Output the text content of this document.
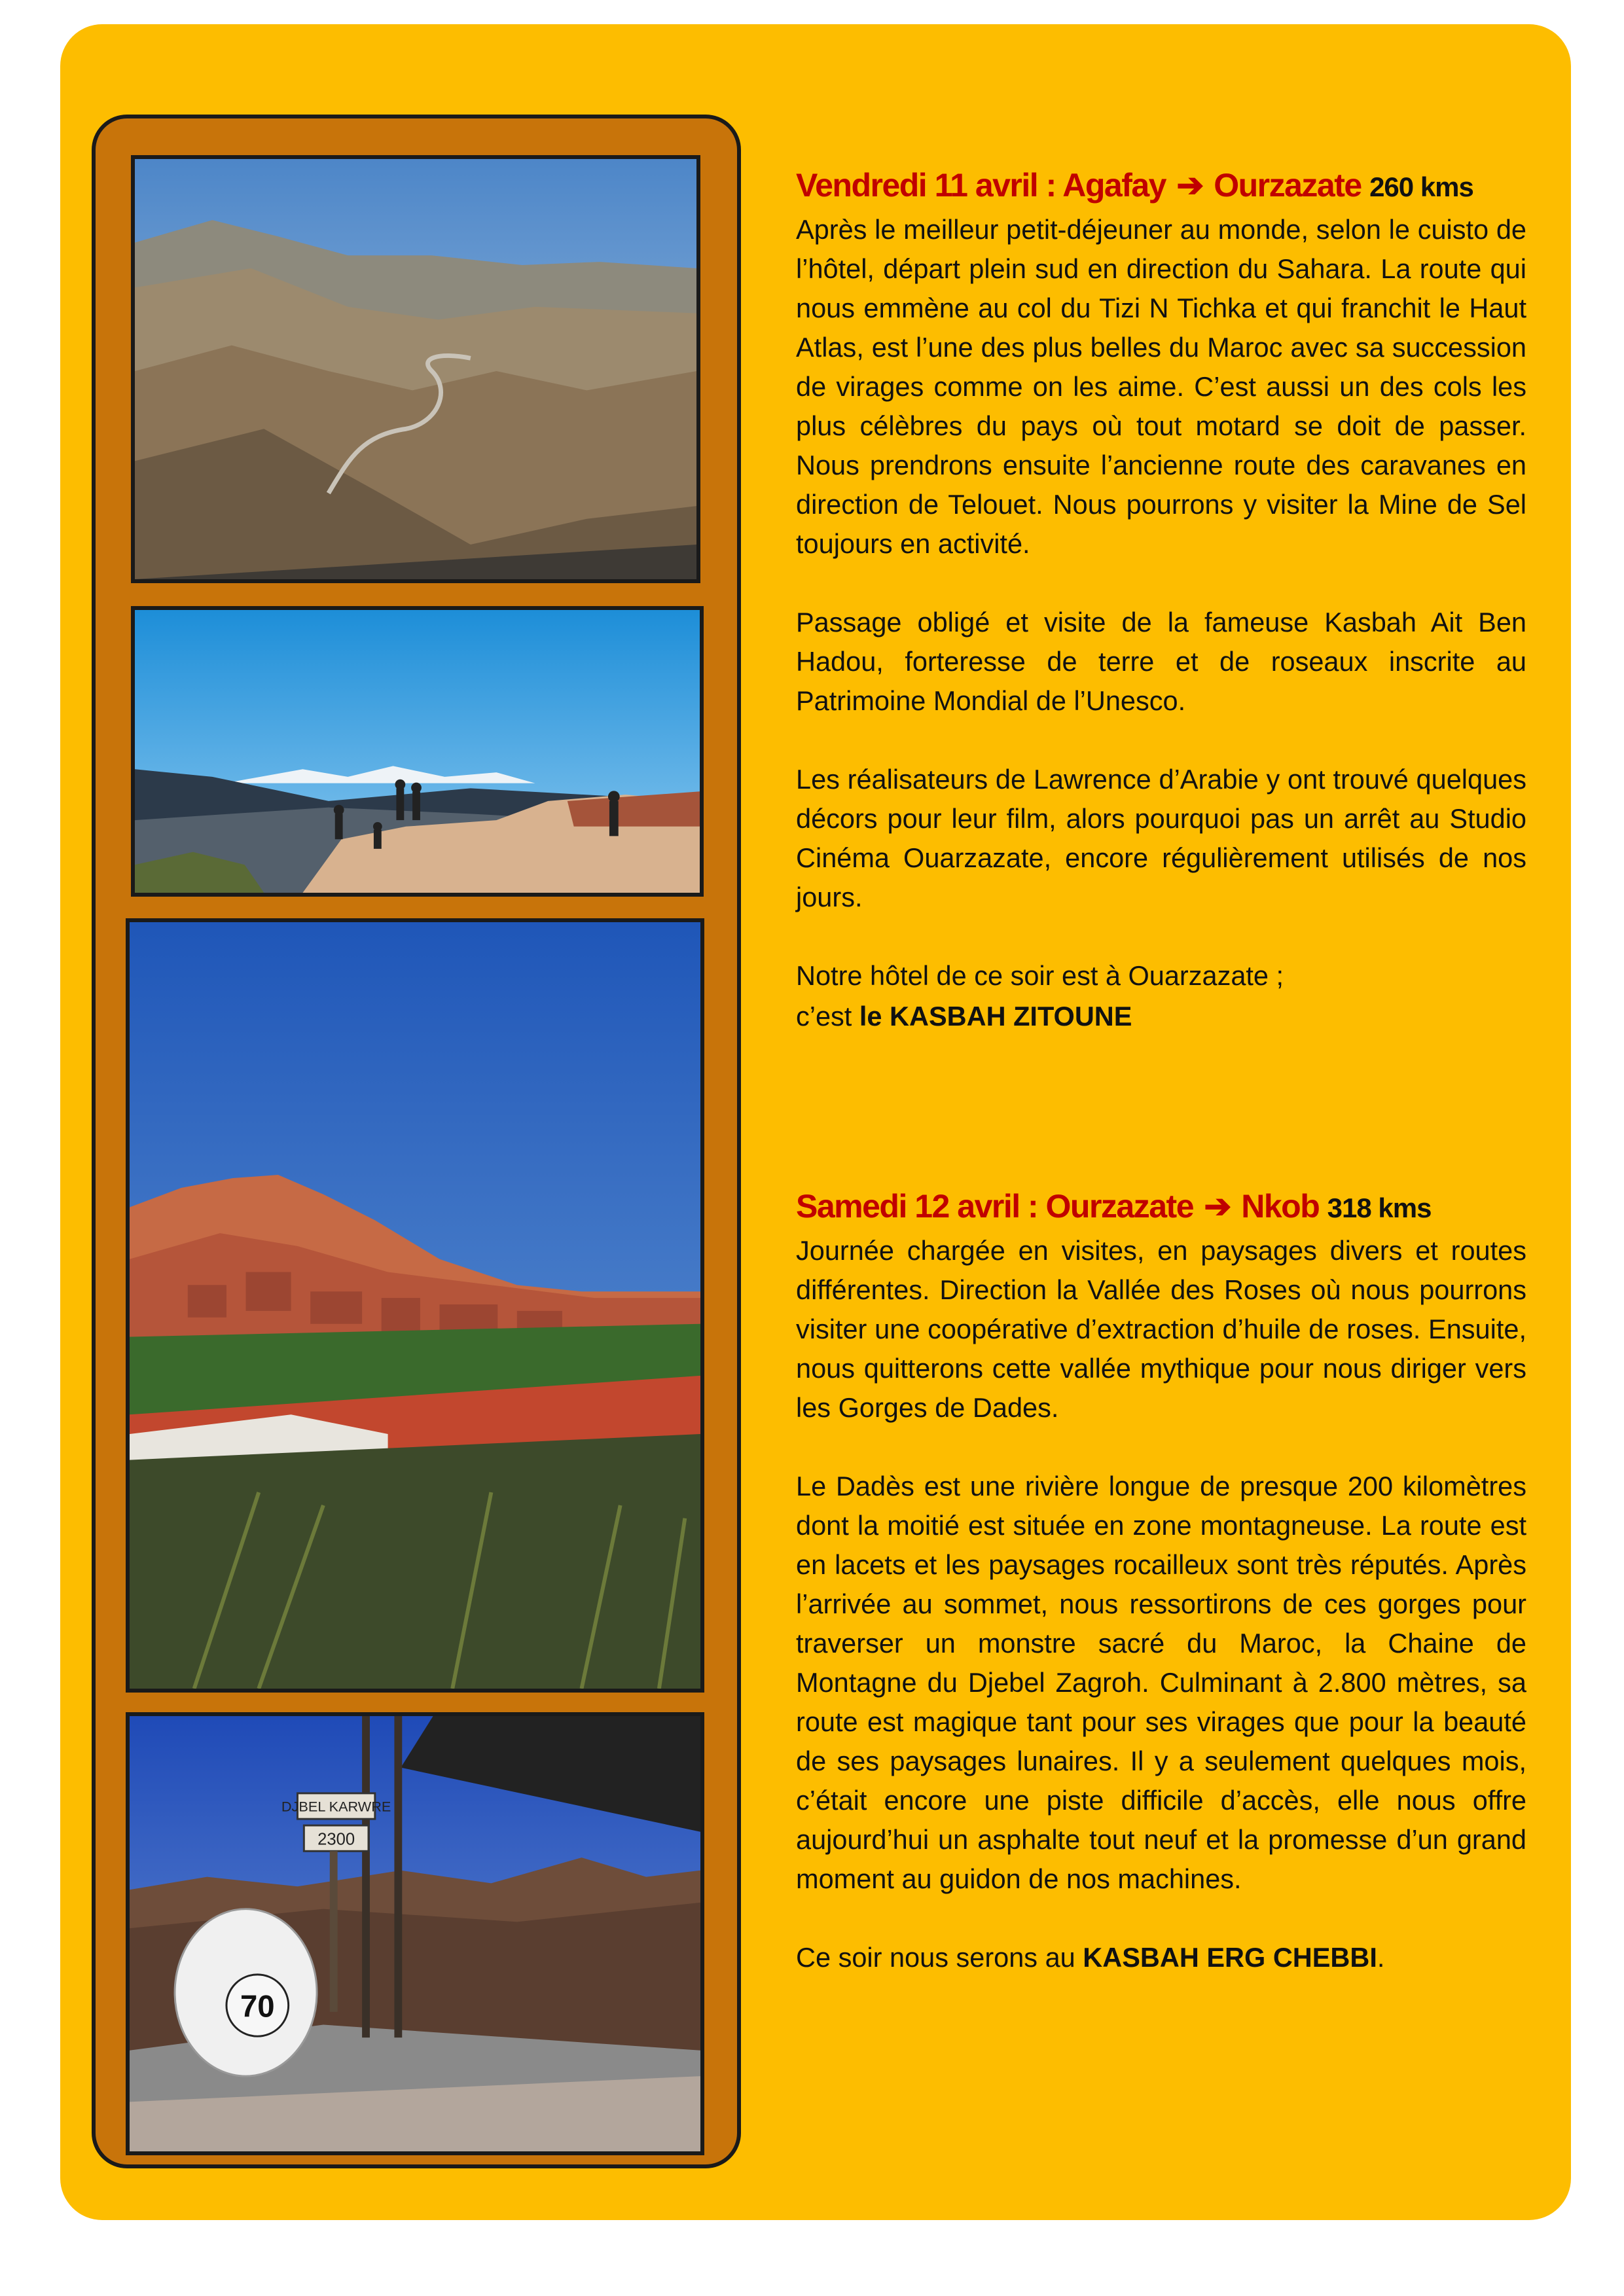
DJBEL KARWRE
2300
70
Vendredi 11 avril : Agafay ➔ Ourzazate 260 kms

Après le meilleur petit-déjeuner au monde, selon le cuisto de l’hôtel, départ plein sud en direction du Sahara. La route qui nous emmène au col du Tizi N Tichka et qui franchit le Haut Atlas, est l’une des plus belles du Maroc avec sa succession de virages comme on les aime. C’est aussi un des cols les plus célèbres du pays où tout motard se doit de passer. Nous prendrons ensuite l’ancienne route des caravanes en direction de Telouet. Nous pourrons y visiter la Mine de Sel toujours en activité.

Passage obligé et visite de la fameuse Kasbah Ait Ben Hadou, forteresse de terre et de roseaux inscrite au Patrimoine Mondial de l’Unesco.

Les réalisateurs de Lawrence d’Arabie y ont trouvé quelques décors pour leur film, alors pourquoi pas un arrêt au Studio Cinéma Ouarzazate, encore régulièrement utilisés de nos jours.

Notre hôtel de ce soir est à Ouarzazate ;

c’est le KASBAH ZITOUNE

Samedi 12 avril : Ourzazate ➔ Nkob 318 kms

Journée chargée en visites, en paysages divers et routes différentes. Direction la Vallée des Roses où nous pourrons visiter une coopérative d’extraction d’huile de roses. Ensuite, nous quitterons cette vallée mythique pour nous diriger vers les Gorges de Dades.

Le Dadès est une rivière longue de presque 200 kilomètres dont la moitié est située en zone montagneuse. La route est en lacets et les paysages rocailleux sont très réputés. Après l’arrivée au sommet, nous ressortirons de ces gorges pour traverser un monstre sacré du Maroc, la Chaine de Montagne du Djebel Zagroh. Culminant à 2.800 mètres, sa route est magique tant pour ses virages que pour la beauté de ses paysages lunaires. Il y a seulement quelques mois, c’était encore une piste difficile d’accès, elle nous offre aujourd’hui un asphalte tout neuf et la promesse d’un grand moment au guidon de nos machines.

Ce soir nous serons au KASBAH ERG CHEBBI.
